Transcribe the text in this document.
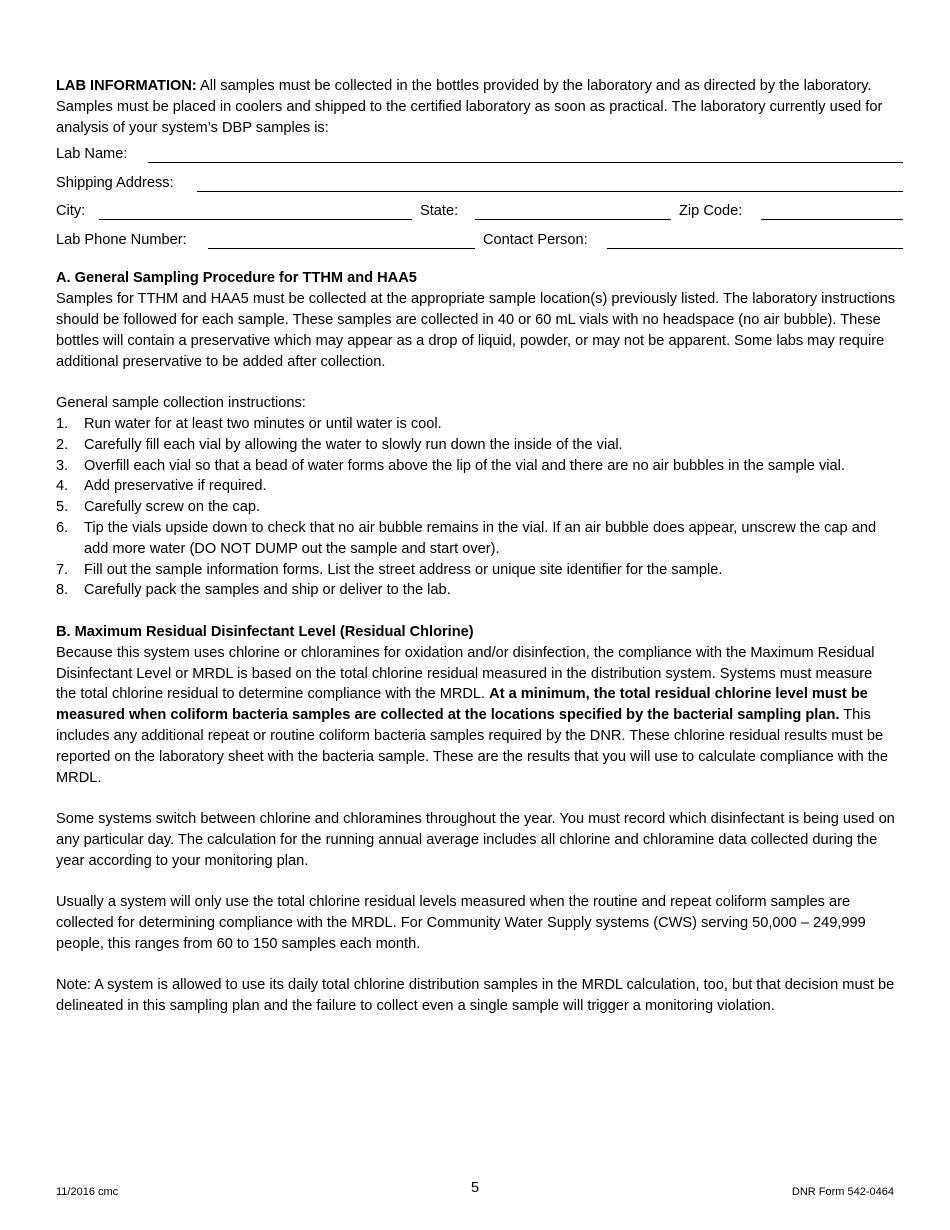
LAB INFORMATION: All samples must be collected in the bottles provided by the laboratory and as directed by the laboratory. Samples must be placed in coolers and shipped to the certified laboratory as soon as practical. The laboratory currently used for analysis of your system’s DBP samples is:

Lab Name:
Shipping Address:
City:	State:	Zip Code:
Lab Phone Number:	Contact Person:

A. General Sampling Procedure for TTHM and HAA5

Samples for TTHM and HAA5 must be collected at the appropriate sample location(s) previously listed. The laboratory instructions should be followed for each sample. These samples are collected in 40 or 60 mL vials with no headspace (no air bubble). These bottles will contain a preservative which may appear as a drop of liquid, powder, or may not be apparent. Some labs may require additional preservative to be added after collection.

General sample collection instructions:

1. Run water for at least two minutes or until water is cool.
2. Carefully fill each vial by allowing the water to slowly run down the inside of the vial.
3. Overfill each vial so that a bead of water forms above the lip of the vial and there are no air bubbles in the sample vial.
4. Add preservative if required.
5. Carefully screw on the cap.
6. Tip the vials upside down to check that no air bubble remains in the vial. If an air bubble does appear, unscrew the cap and add more water (DO NOT DUMP out the sample and start over).
7. Fill out the sample information forms. List the street address or unique site identifier for the sample.
8. Carefully pack the samples and ship or deliver to the lab.

B. Maximum Residual Disinfectant Level (Residual Chlorine)

Because this system uses chlorine or chloramines for oxidation and/or disinfection, the compliance with the Maximum Residual Disinfectant Level or MRDL is based on the total chlorine residual measured in the distribution system. Systems must measure the total chlorine residual to determine compliance with the MRDL. At a minimum, the total residual chlorine level must be measured when coliform bacteria samples are collected at the locations specified by the bacterial sampling plan. This includes any additional repeat or routine coliform bacteria samples required by the DNR. These chlorine residual results must be reported on the laboratory sheet with the bacteria sample. These are the results that you will use to calculate compliance with the MRDL.

Some systems switch between chlorine and chloramines throughout the year. You must record which disinfectant is being used on any particular day. The calculation for the running annual average includes all chlorine and chloramine data collected during the year according to your monitoring plan.

Usually a system will only use the total chlorine residual levels measured when the routine and repeat coliform samples are collected for determining compliance with the MRDL. For Community Water Supply systems (CWS) serving 50,000 – 249,999 people, this ranges from 60 to 150 samples each month.

Note: A system is allowed to use its daily total chlorine distribution samples in the MRDL calculation, too, but that decision must be delineated in this sampling plan and the failure to collect even a single sample will trigger a monitoring violation.

11/2016 cmc	5	DNR Form 542-0464
